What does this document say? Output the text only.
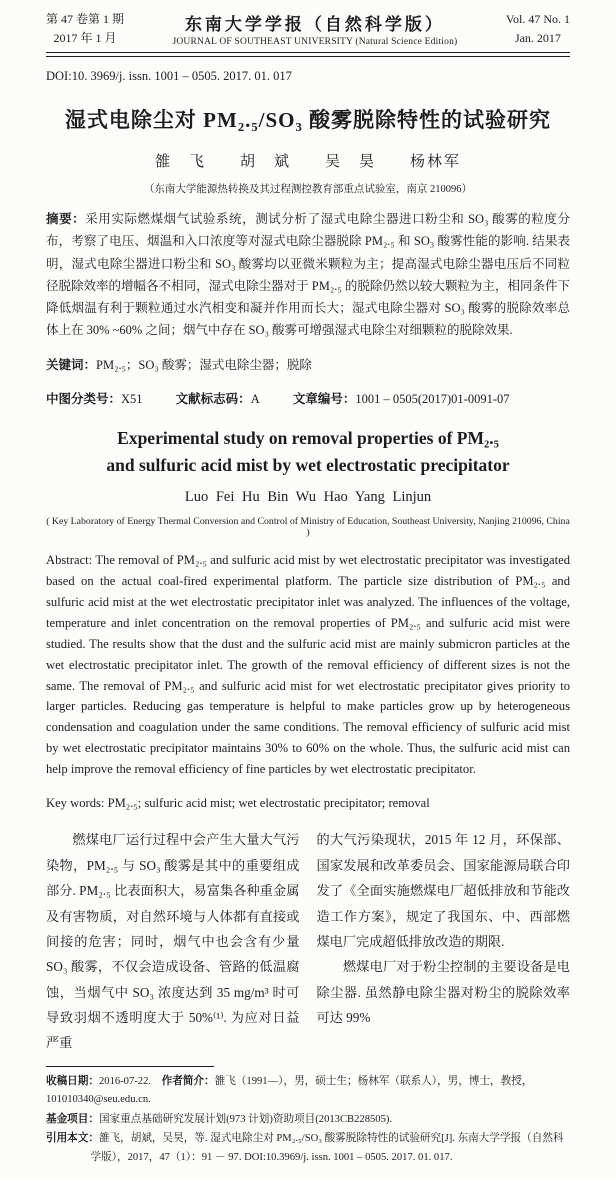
第 47 卷第 1 期
2017 年 1 月
东南大学学报（自然科学版）
JOURNAL OF SOUTHEAST UNIVERSITY (Natural Science Edition)
Vol. 47 No. 1
Jan. 2017
DOI:10. 3969/j. issn. 1001 – 0505. 2017. 01. 017
湿式电除尘对 PM₂.₅/SO₃ 酸雾脱除特性的试验研究
雒　飞　　胡　斌　　吴　昊　　杨林军
（东南大学能源热转换及其过程测控教育部重点试验室，南京 210096）

摘要：采用实际燃煤烟气试验系统，测试分析了湿式电除尘器进口粉尘和 SO₃ 酸雾的粒度分布，考察了电压、烟温和入口浓度等对湿式电除尘器脱除 PM₂.₅ 和 SO₃ 酸雾性能的影响. 结果表明，湿式电除尘器进口粉尘和 SO₃ 酸雾均以亚微米颗粒为主；提高湿式电除尘器电压后不同粒径脱除效率的增幅各不相同，湿式电除尘器对于 PM₂.₅ 的脱除仍然以较大颗粒为主，相同条件下降低烟温有利于颗粒通过水汽相变和凝并作用而长大；湿式电除尘器对 SO₃ 酸雾的脱除效率总体上在 30% ~60% 之间；烟气中存在 SO₃ 酸雾可增强湿式电除尘对细颗粒的脱除效果.

关键词：PM₂.₅；SO₃ 酸雾；湿式电除尘器；脱除

中图分类号：X51	文献标志码：A	文章编号：1001 – 0505(2017)01-0091-07

Experimental study on removal properties of PM₂.₅
and sulfuric acid mist by wet electrostatic precipitator
Luo Fei Hu Bin Wu Hao Yang Linjun
( Key Laboratory of Energy Thermal Conversion and Control of Ministry of Education, Southeast University, Nanjing 210096, China )

Abstract: The removal of PM₂.₅ and sulfuric acid mist by wet electrostatic precipitator was investigated based on the actual coal-fired experimental platform. The particle size distribution of PM₂.₅ and sulfuric acid mist at the wet electrostatic precipitator inlet was analyzed. The influences of the voltage, temperature and inlet concentration on the removal properties of PM₂.₅ and sulfuric acid mist were studied. The results show that the dust and the sulfuric acid mist are mainly submicron particles at the wet electrostatic precipitator inlet. The growth of the removal efficiency of different sizes is not the same. The removal of PM₂.₅ and sulfuric acid mist for wet electrostatic precipitator gives priority to larger particles. Reducing gas temperature is helpful to make particles grow up by heterogeneous condensation and coagulation under the same conditions. The removal efficiency of sulfuric acid mist by wet electrostatic precipitator maintains 30% to 60% on the whole. Thus, the sulfuric acid mist can help improve the removal efficiency of fine particles by wet electrostatic precipitator.

Key words: PM₂.₅; sulfuric acid mist; wet electrostatic precipitator; removal

燃煤电厂运行过程中会产生大量大气污染物，PM₂.₅ 与 SO₃ 酸雾是其中的重要组成部分. PM₂.₅ 比表面积大，易富集各种重金属及有害物质，对自然环境与人体都有直接或间接的危害；同时，烟气中也会含有少量 SO₃ 酸雾，不仅会造成设备、管路的低温腐蚀，当烟气中 SO₃ 浓度达到 35 mg/m³ 时可导致羽烟不透明度大于 50%⁽¹⁾. 为应对日益严重

的大气污染现状，2015 年 12 月，环保部、国家发展和改革委员会、国家能源局联合印发了《全面实施燃煤电厂超低排放和节能改造工作方案》，规定了我国东、中、西部燃煤电厂完成超低排放改造的期限.

燃煤电厂对于粉尘控制的主要设备是电除尘器. 虽然静电除尘器对粉尘的脱除效率可达 99%

收稿日期：2016-07-22.　 作者简介：雒飞（1991—），男，硕士生；杨林军（联系人），男，博士，教授，101010340@seu.edu.cn.

基金项目：国家重点基础研究发展计划(973 计划)资助项目(2013CB228505).

引用本文：雒飞，胡斌，吴昊，等. 湿式电除尘对 PM₂.₅/SO₃ 酸雾脱除特性的试验研究[J]. 东南大学学报（自然科学版），2017，47（1）：91 － 97. DOI:10.3969/j. issn. 1001 – 0505. 2017. 01. 017.
